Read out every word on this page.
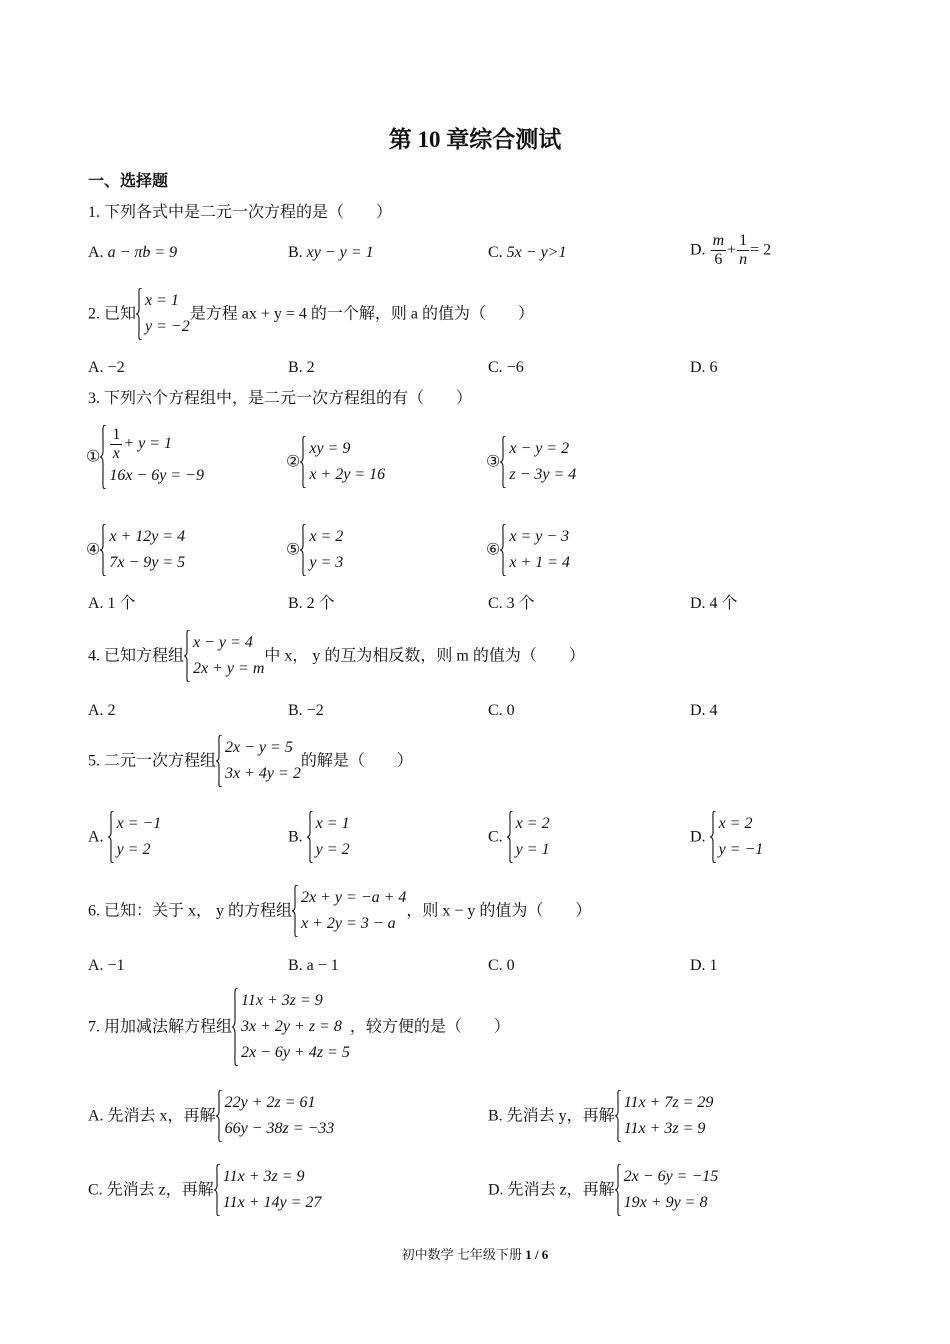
第 10 章综合测试
一、选择题
1. 下列各式中是二元一次方程的是（　　）
A. a − πb = 9	B. xy − y = 1	C. 5x − y>1	D. $\frac{m}{6} + \frac{1}{n} = 2$
2. 已知
x = 1
y = −2
是方程 ax + y = 4 的一个解，则 a 的值为（　　）
A. −2	B. 2	C. −6	D. 6
3. 下列六个方程组中，是二元一次方程组的有（　　）
① $\frac{1}{x} + y = 1$
16x − 6y = −9
②
xy = 9
x + 2y = 16
③
x − y = 2
z − 3y = 4
④
x + 12y = 4
7x − 9y = 5
⑤
x = 2
y = 3
⑥
x = y − 3
x + 1 = 4
A. 1 个	B. 2 个	C. 3 个	D. 4 个
4. 已知方程组
x − y = 4
2x + y = m
中 x， y 的互为相反数，则 m 的值为（　　）
A. 2	B. −2	C. 0	D. 4
5. 二元一次方程组
2x − y = 5
3x + 4y = 2
的解是（　　）
A.
x = −1
y = 2
B.
x = 1
y = 2
C.
x = 2
y = 1
D.
x = 2
y = −1
6. 已知：关于 x， y 的方程组
2x + y = −a + 4
x + 2y = 3 − a
，则 x − y 的值为（　　）
A. −1	B. a − 1	C. 0	D. 1
7. 用加减法解方程组
11x + 3z = 9
3x + 2y + z = 8
2x − 6y + 4z = 5
，较方便的是（　　）
A. 先消去 x，再解
22y + 2z = 61
66y − 38z = −33
B. 先消去 y，再解
11x + 7z = 29
11x + 3z = 9
C. 先消去 z，再解
11x + 3z = 9
11x + 14y = 27
D. 先消去 z，再解
2x − 6y = −15
19x + 9y = 8
初中数学 七年级下册 1 / 6
